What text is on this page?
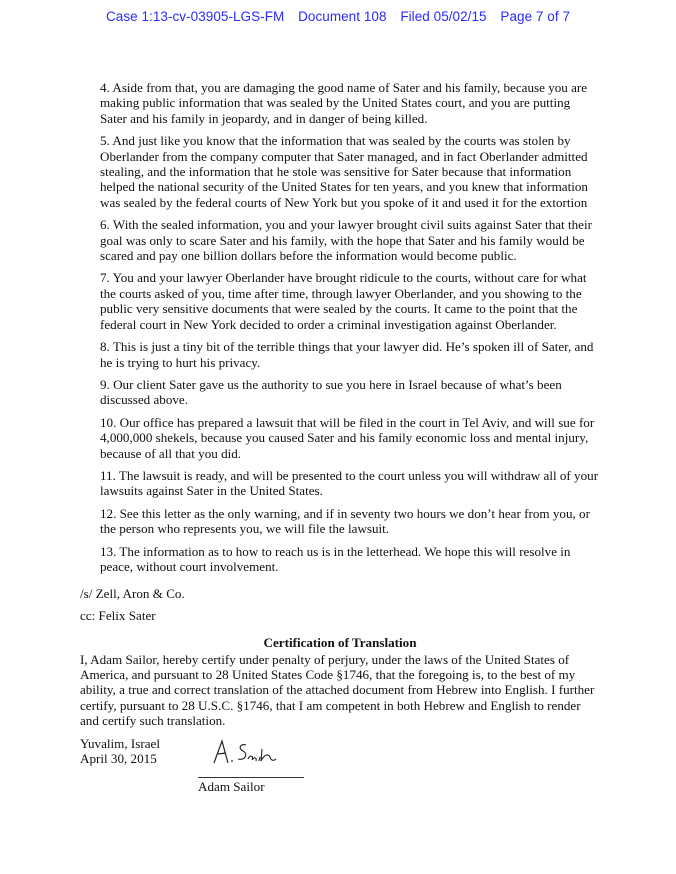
Case 1:13-cv-03905-LGS-FM Document 108 Filed 05/02/15 Page 7 of 7

4. Aside from that, you are damaging the good name of Sater and his family, because you are making public information that was sealed by the United States court, and you are putting Sater and his family in jeopardy, and in danger of being killed.

5. And just like you know that the information that was sealed by the courts was stolen by Oberlander from the company computer that Sater managed, and in fact Oberlander admitted stealing, and the information that he stole was sensitive for Sater because that information helped the national security of the United States for ten years, and you knew that information was sealed by the federal courts of New York but you spoke of it and used it for the extortion

6. With the sealed information, you and your lawyer brought civil suits against Sater that their goal was only to scare Sater and his family, with the hope that Sater and his family would be scared and pay one billion dollars before the information would become public.

7. You and your lawyer Oberlander have brought ridicule to the courts, without care for what the courts asked of you, time after time, through lawyer Oberlander, and you showing to the public very sensitive documents that were sealed by the courts. It came to the point that the federal court in New York decided to order a criminal investigation against Oberlander.

8. This is just a tiny bit of the terrible things that your lawyer did. He’s spoken ill of Sater, and he is trying to hurt his privacy.

9. Our client Sater gave us the authority to sue you here in Israel because of what’s been discussed above.

10. Our office has prepared a lawsuit that will be filed in the court in Tel Aviv, and will sue for 4,000,000 shekels, because you caused Sater and his family economic loss and mental injury, because of all that you did.

11. The lawsuit is ready, and will be presented to the court unless you will withdraw all of your lawsuits against Sater in the United States.

12. See this letter as the only warning, and if in seventy two hours we don’t hear from you, or the person who represents you, we will file the lawsuit.

13. The information as to how to reach us is in the letterhead. We hope this will resolve in peace, without court involvement.

/s/ Zell, Aron & Co.

cc: Felix Sater

Certification of Translation

I, Adam Sailor, hereby certify under penalty of perjury, under the laws of the United States of America, and pursuant to 28 United States Code §1746, that the foregoing is, to the best of my ability, a true and correct translation of the attached document from Hebrew into English. I further certify, pursuant to 28 U.S.C. §1746, that I am competent in both Hebrew and English to render and certify such translation.

Yuvalim, Israel

April 30, 2015

Adam Sailor
